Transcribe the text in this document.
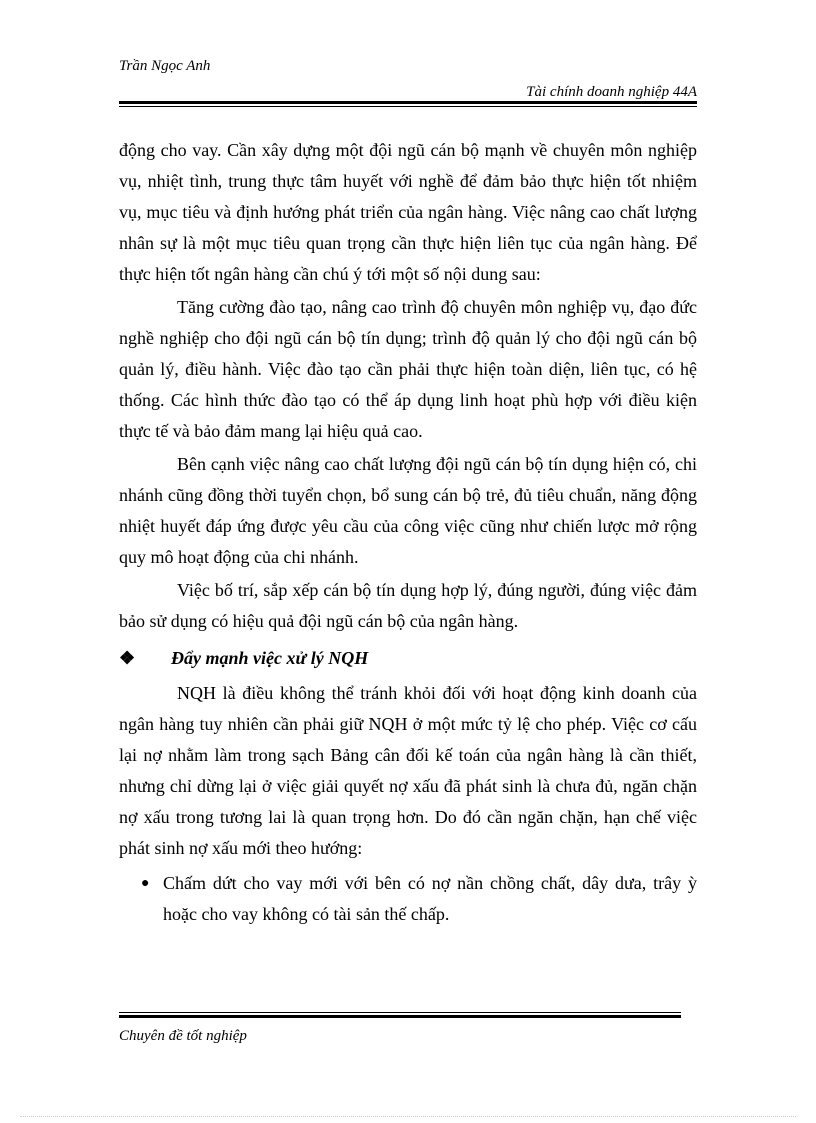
Trần Ngọc Anh
Tài chính doanh nghiệp 44A

động cho vay. Cần xây dựng một đội ngũ cán bộ mạnh về chuyên môn nghiệp vụ, nhiệt tình, trung thực tâm huyết với nghề để đảm bảo thực hiện tốt nhiệm vụ, mục tiêu và định hướng phát triển của ngân hàng. Việc nâng cao chất lượng nhân sự là một mục tiêu quan trọng cần thực hiện liên tục của ngân hàng. Để thực hiện tốt ngân hàng cần chú ý tới một số nội dung sau:

Tăng cường đào tạo, nâng cao trình độ chuyên môn nghiệp vụ, đạo đức nghề nghiệp cho đội ngũ cán bộ tín dụng; trình độ quản lý cho đội ngũ cán bộ quản lý, điều hành. Việc đào tạo cần phải thực hiện toàn diện, liên tục, có hệ thống. Các hình thức đào tạo có thể áp dụng linh hoạt phù hợp với điều kiện thực tế và bảo đảm mang lại hiệu quả cao.

Bên cạnh việc nâng cao chất lượng đội ngũ cán bộ tín dụng hiện có, chi nhánh cũng đồng thời tuyển chọn, bổ sung cán bộ trẻ, đủ tiêu chuẩn, năng động nhiệt huyết đáp ứng được yêu cầu của công việc cũng như chiến lược mở rộng quy mô hoạt động của chi nhánh.

Việc bố trí, sắp xếp cán bộ tín dụng hợp lý, đúng người, đúng việc đảm bảo sử dụng có hiệu quả đội ngũ cán bộ của ngân hàng.

❖	Đẩy mạnh việc xử lý NQH

NQH là điều không thể tránh khỏi đối với hoạt động kinh doanh của ngân hàng tuy nhiên cần phải giữ NQH ở một mức tỷ lệ cho phép. Việc cơ cấu lại nợ nhằm làm trong sạch Bảng cân đối kế toán của ngân hàng là cần thiết, nhưng chỉ dừng lại ở việc giải quyết nợ xấu đã phát sinh là chưa đủ, ngăn chặn nợ xấu trong tương lai là quan trọng hơn. Do đó cần ngăn chặn, hạn chế việc phát sinh nợ xấu mới theo hướng:

● Chấm dứt cho vay mới với bên có nợ nần chồng chất, dây dưa, trây ỳ hoặc cho vay không có tài sản thế chấp.
Chuyên đề tốt nghiệp
